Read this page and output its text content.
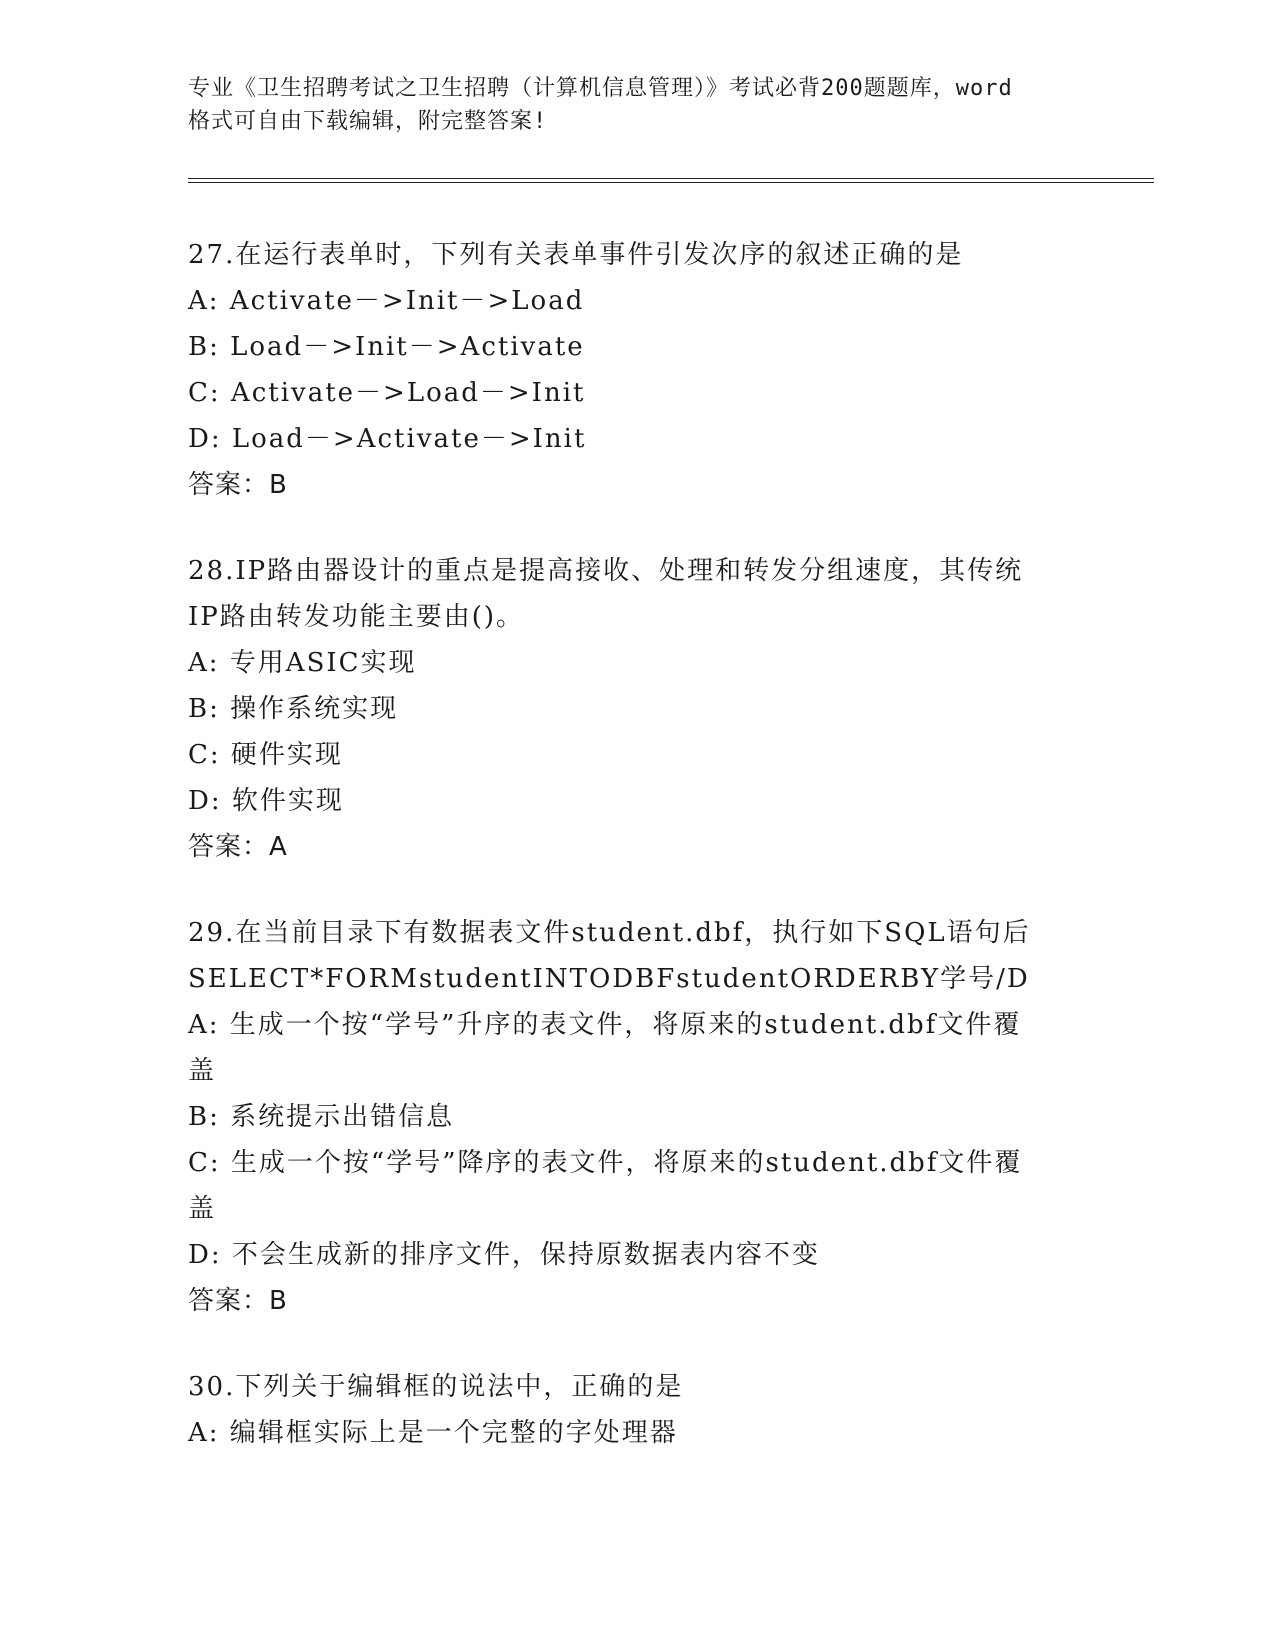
专业《卫生招聘考试之卫生招聘（计算机信息管理）》考试必背200题题库，word
格式可自由下载编辑，附完整答案!
27.在运行表单时，下列有关表单事件引发次序的叙述正确的是
A: Activate－>Init－>Load
B: Load－>Init－>Activate
C: Activate－>Load－>Init
D: Load－>Activate－>Init
答案：B
28.IP路由器设计的重点是提高接收、处理和转发分组速度，其传统
IP路由转发功能主要由()。
A: 专用ASIC实现
B: 操作系统实现
C: 硬件实现
D: 软件实现
答案：A
29.在当前目录下有数据表文件student.dbf，执行如下SQL语句后
SELECT*FORMstudentINTODBFstudentORDERBY学号/D
A: 生成一个按“学号”升序的表文件，将原来的student.dbf文件覆
盖
B: 系统提示出错信息
C: 生成一个按“学号”降序的表文件，将原来的student.dbf文件覆
盖
D: 不会生成新的排序文件，保持原数据表内容不变
答案：B
30.下列关于编辑框的说法中，正确的是
A: 编辑框实际上是一个完整的字处理器
